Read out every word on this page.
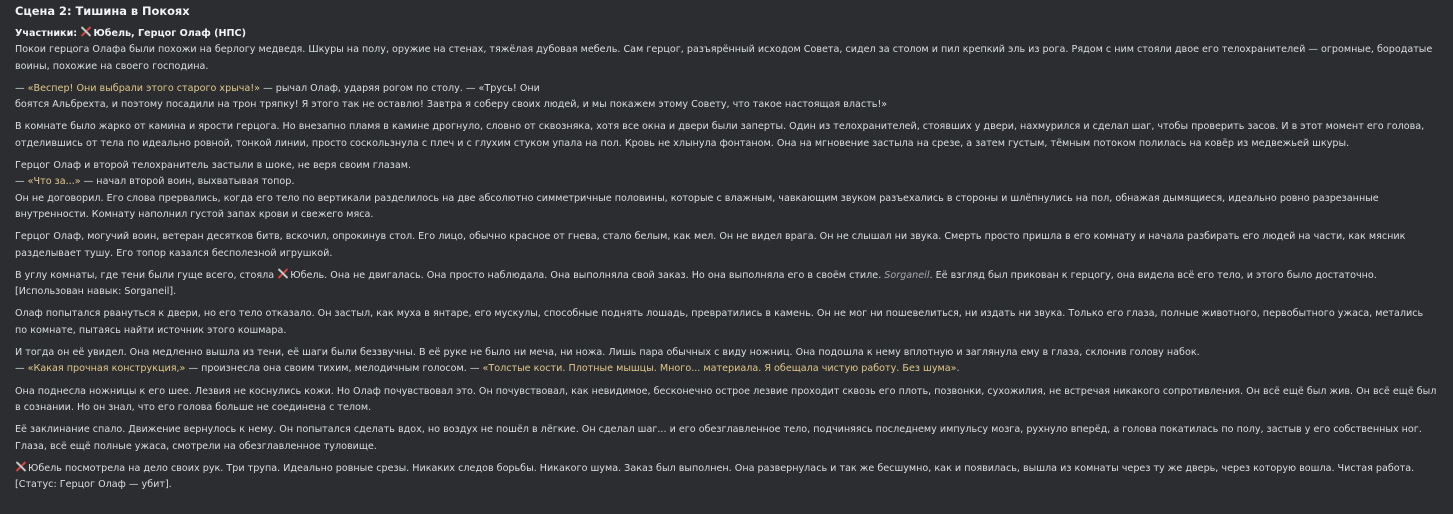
Сцена 2: Тишина в Покоях
Участники: Юбель, Герцог Олаф (НПС)

Покои герцога Олафа были похожи на берлогу медведя. Шкуры на полу, оружие на стенах, тяжёлая дубовая мебель. Сам герцог, разъярённый исходом Совета, сидел за столом и пил крепкий эль из рога. Рядом с ним стояли двое его телохранителей — огромные, бородатые воины, похожие на своего господина.

— «Веспер! Они выбрали этого старого хрыча!» — рычал Олаф, ударяя рогом по столу. — «Трусь! Они
боятся Альбрехта, и поэтому посадили на трон тряпку! Я этого так не оставлю! Завтра я соберу своих людей, и мы покажем этому Совету, что такое настоящая власть!»

В комнате было жарко от камина и ярости герцога. Но внезапно пламя в камине дрогнуло, словно от сквозняка, хотя все окна и двери были заперты. Один из телохранителей, стоявших у двери, нахмурился и сделал шаг, чтобы проверить засов. И в этот момент его голова, отделившись от тела по идеально ровной, тонкой линии, просто соскользнула с плеч и с глухим стуком упала на пол. Кровь не хлынула фонтаном. Она на мгновение застыла на срезе, а затем густым, тёмным потоком полилась на ковёр из медвежьей шкуры.

Герцог Олаф и второй телохранитель застыли в шоке, не веря своим глазам.
— «Что за...» — начал второй воин, выхватывая топор.
Он не договорил. Его слова прервались, когда его тело по вертикали разделилось на две абсолютно симметричные половины, которые с влажным, чавкающим звуком разъехались в стороны и шлёпнулись на пол, обнажая дымящиеся, идеально ровно разрезанные внутренности. Комнату наполнил густой запах крови и свежего мяса.

Герцог Олаф, могучий воин, ветеран десятков битв, вскочил, опрокинув стол. Его лицо, обычно красное от гнева, стало белым, как мел. Он не видел врага. Он не слышал ни звука. Смерть просто пришла в его комнату и начала разбирать его людей на части, как мясник разделывает тушу. Его топор казался бесполезной игрушкой.

В углу комнаты, где тени были гуще всего, стояла Юбель. Она не двигалась. Она просто наблюдала. Она выполняла свой заказ. Но она выполняла его в своём стиле. Sorganeil. Её взгляд был прикован к герцогу, она видела всё его тело, и этого было достаточно. [Использован навык: Sorganeil].

Олаф попытался рвануться к двери, но его тело отказало. Он застыл, как муха в янтаре, его мускулы, способные поднять лошадь, превратились в камень. Он не мог ни пошевелиться, ни издать ни звука. Только его глаза, полные животного, первобытного ужаса, метались по комнате, пытаясь найти источник этого кошмара.

И тогда он её увидел. Она медленно вышла из тени, её шаги были беззвучны. В её руке не было ни меча, ни ножа. Лишь пара обычных с виду ножниц. Она подошла к нему вплотную и заглянула ему в глаза, склонив голову набок.
— «Какая прочная конструкция,» — произнесла она своим тихим, мелодичным голосом. — «Толстые кости. Плотные мышцы. Много... материала. Я обещала чистую работу. Без шума».

Она поднесла ножницы к его шее. Лезвия не коснулись кожи. Но Олаф почувствовал это. Он почувствовал, как невидимое, бесконечно острое лезвие проходит сквозь его плоть, позвонки, сухожилия, не встречая никакого сопротивления. Он всё ещё был жив. Он всё ещё был в сознании. Но он знал, что его голова больше не соединена с телом.

Её заклинание спало. Движение вернулось к нему. Он попытался сделать вдох, но воздух не пошёл в лёгкие. Он сделал шаг... и его обезглавленное тело, подчиняясь последнему импульсу мозга, рухнуло вперёд, а голова покатилась по полу, застыв у его собственных ног. Глаза, всё ещё полные ужаса, смотрели на обезглавленное туловище.

Юбель посмотрела на дело своих рук. Три трупа. Идеально ровные срезы. Никаких следов борьбы. Никакого шума. Заказ был выполнен. Она развернулась и так же бесшумно, как и появилась, вышла из комнаты через ту же дверь, через которую вошла. Чистая работа. [Статус: Герцог Олаф — убит].
